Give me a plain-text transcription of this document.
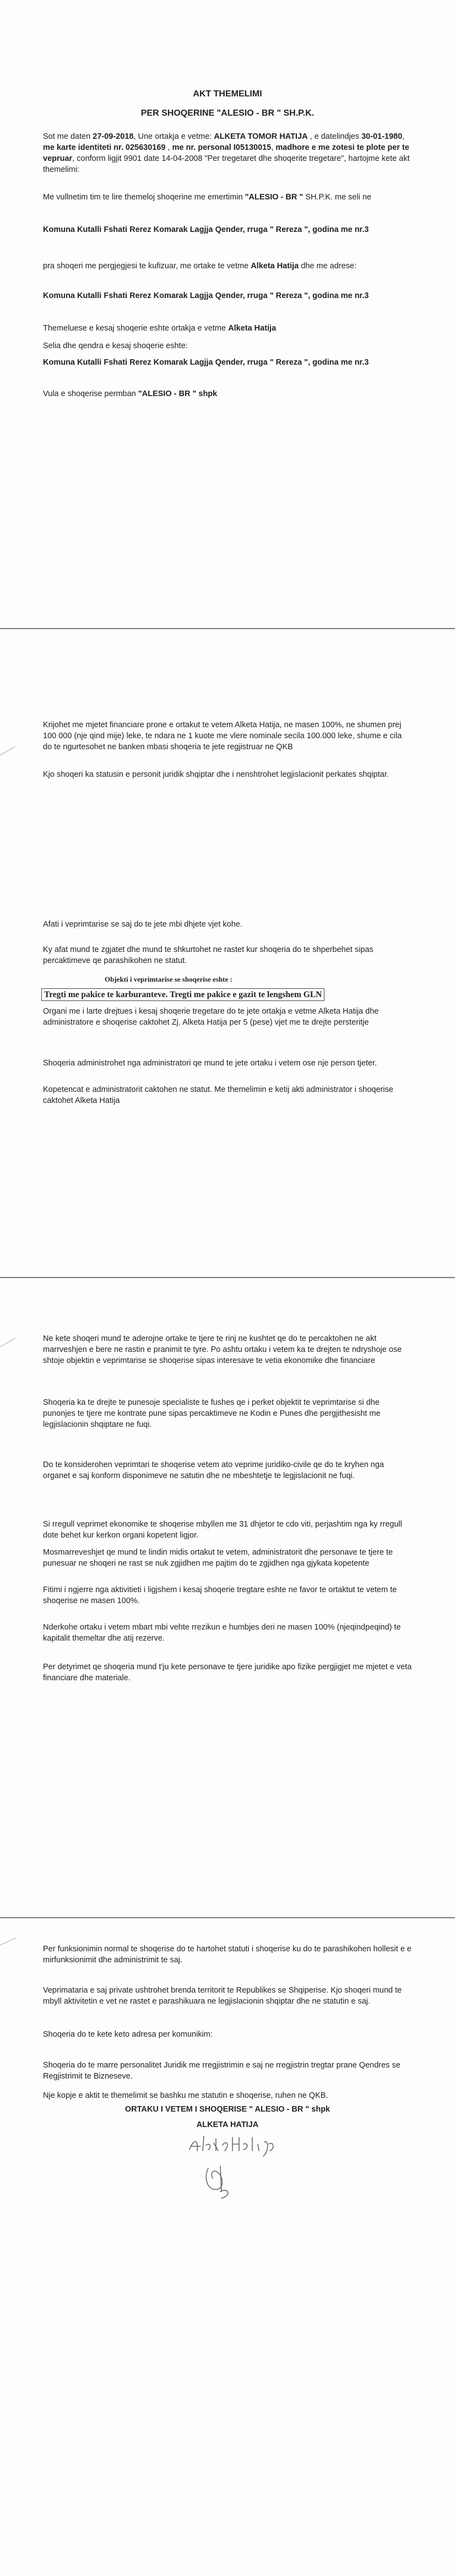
AKT THEMELIMI
PER SHOQERINE "ALESIO - BR " SH.P.K.
Sot me daten 27-09-2018, Une ortakja e vetme: ALKETA TOMOR HATIJA , e datelindjes 30-01-1980, me karte identiteti nr. 025630169 , me nr. personal I05130015, madhore e me zotesi te plote per te vepruar, conform ligjit 9901 date 14-04-2008 "Per tregetaret dhe shoqerite tregetare", hartojme kete akt themelimi:
Me vullnetim tim te lire themeloj shoqerine me emertimin "ALESIO - BR " SH.P.K. me seli ne
Komuna Kutalli Fshati Rerez Komarak Lagjja Qender, rruga " Rereza ", godina me nr.3
pra shoqeri me pergjegjesi te kufizuar, me ortake te vetme Alketa Hatija dhe me adrese:
Komuna Kutalli Fshati Rerez Komarak Lagjja Qender, rruga " Rereza ", godina me nr.3
Themeluese e kesaj shoqerie eshte ortakja e vetme Alketa Hatija
Selia dhe qendra e kesaj shoqerie eshte:
Komuna Kutalli Fshati Rerez Komarak Lagjja Qender, rruga " Rereza ", godina me nr.3
Vula e shoqerise permban "ALESIO - BR " shpk
Krijohet me mjetet financiare prone e ortakut te vetem Alketa Hatija, ne masen 100%, ne shumen prej 100 000 (nje qind mije) leke, te ndara ne 1 kuote me vlere nominale secila 100.000 leke, shume e cila do te ngurtesohet ne banken mbasi shoqeria te jete regjistruar ne QKB
Kjo shoqeri ka statusin e personit juridik shqiptar dhe i nenshtrohet legjislacionit perkates shqiptar.
Afati i veprimtarise se saj do te jete mbi dhjete vjet kohe.
Ky afat mund te zgjatet dhe mund te shkurtohet ne rastet kur shoqeria do te shperbehet sipas percaktimeve qe parashikohen ne statut.
Objekti i veprimtarise se shoqerise eshte :
Tregti me pakice te karburanteve. Tregti me pakice e gazit te lengshem GLN
Organi me i larte drejtues i kesaj shoqerie tregetare do te jete ortakja e vetme Alketa Hatija dhe administratore e shoqerise caktohet Zj. Alketa Hatija per 5 (pese) vjet me te drejte persteritje
Shoqeria administrohet nga administratori qe mund te jete ortaku i vetem ose nje person tjeter.
Kopetencat e administratorit caktohen ne statut. Me themelimin e ketij akti administrator i shoqerise caktohet Alketa Hatija
Ne kete shoqeri mund te aderojne ortake te tjere te rinj ne kushtet qe do te percaktohen ne akt marrveshjen e bere ne rastin e pranimit te tyre. Po ashtu ortaku i vetem ka te drejten te ndryshoje ose shtoje objektin e veprimtarise se shoqerise sipas interesave te vetia ekonomike dhe financiare
Shoqeria ka te drejte te punesoje specialiste te fushes qe i perket objektit te veprimtarise si dhe punonjes te tjere me kontrate pune sipas percaktimeve ne Kodin e Punes dhe pergjithesisht me legjislacionin shqiptare ne fuqi.
Do te konsiderohen veprimtari te shoqerise vetem ato veprime juridiko-civile qe do te kryhen nga organet e saj konform disponimeve ne satutin dhe ne mbeshtetje te legjislacionit ne fuqi.
Si rregull veprimet ekonomike te shoqerise mbyllen me 31 dhjetor te cdo viti, perjashtim nga ky rregull dote behet kur kerkon organi kopetent ligjor.
Mosmarreveshjet qe mund te lindin midis ortakut te vetem, administratorit dhe personave te tjere te punesuar ne shoqeri ne rast se nuk zgjidhen me pajtim do te zgjidhen nga gjykata kopetente
Fitimi i ngjerre nga aktivitieti i ligjshem i kesaj shoqerie tregtare eshte ne favor te ortaktut te vetem te shoqerise ne masen 100%.
Nderkohe ortaku i vetem mbart mbi vehte rrezikun e humbjes deri ne masen 100% (njeqindpeqind) te kapitalit themeltar dhe atij rezerve.
Per detyrimet qe shoqeria mund t'ju kete personave te tjere juridike apo fizike pergjigjet me mjetet e veta financiare dhe materiale.
Per funksionimin normal te shoqerise do te hartohet statuti i shoqerise ku do te parashikohen hollesit e e mirfunksionimit dhe administrimit te saj.
Veprimataria e saj private ushtrohet brenda territorit te Republikes se Shqiperise. Kjo shoqeri mund te mbyll aktivitetin e vet ne rastet e parashikuara ne legjislacionin shqiptar dhe ne statutin e saj.
Shoqeria do te kete keto adresa per komunikim:
Shoqeria do te marre personalitet Juridik me rregjistrimin e saj ne rregjistrin tregtar prane Qendres se Regjistrimit te Bizneseve.
Nje kopje e aktit te themelimit se bashku me statutin e shoqerise, ruhen ne QKB.
ORTAKU I VETEM I SHOQERISE " ALESIO - BR " shpk
ALKETA HATIJA
